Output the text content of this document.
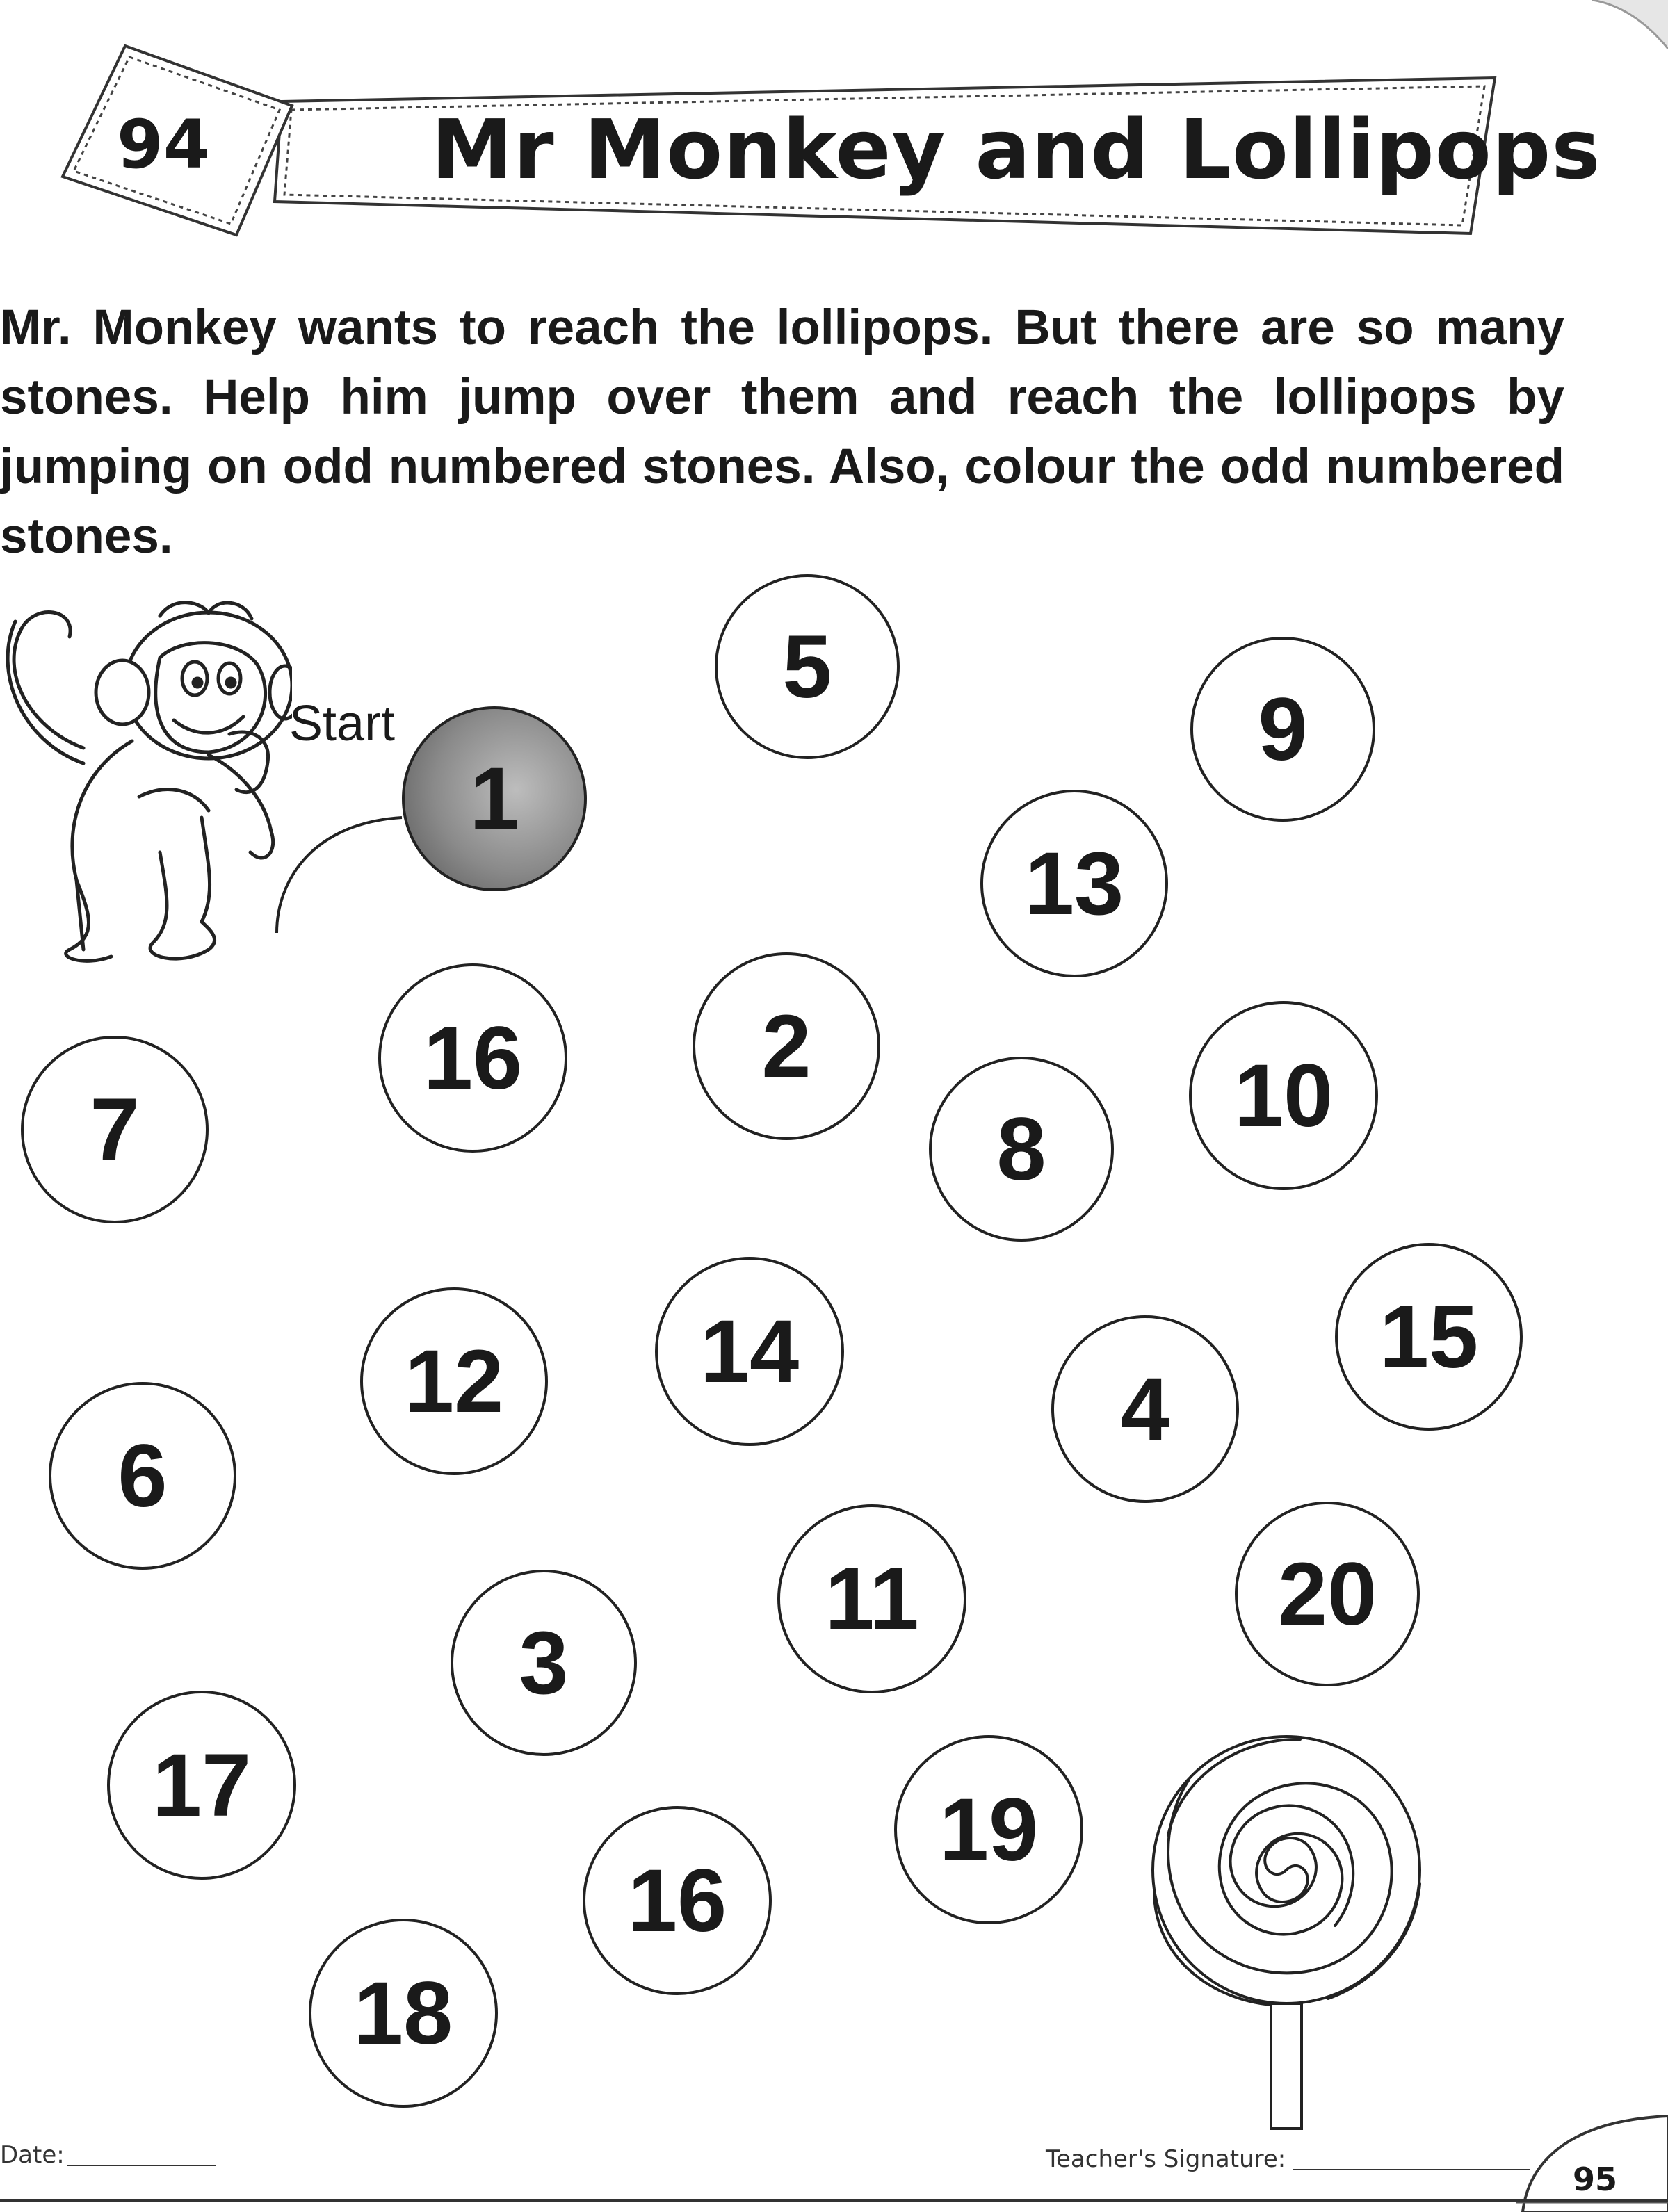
94	Mr Monkey and Lollipops
Mr. Monkey wants to reach the lollipops. But there are so many stones. Help him jump over them and reach the lollipops by jumping on odd numbered stones. Also, colour the odd numbered stones.
Start
1
5
9
13
16	2
7	8
10
12	14	15
6
4
11	20
3
17	19
16
18
Date:	Teacher's Signature:
95
